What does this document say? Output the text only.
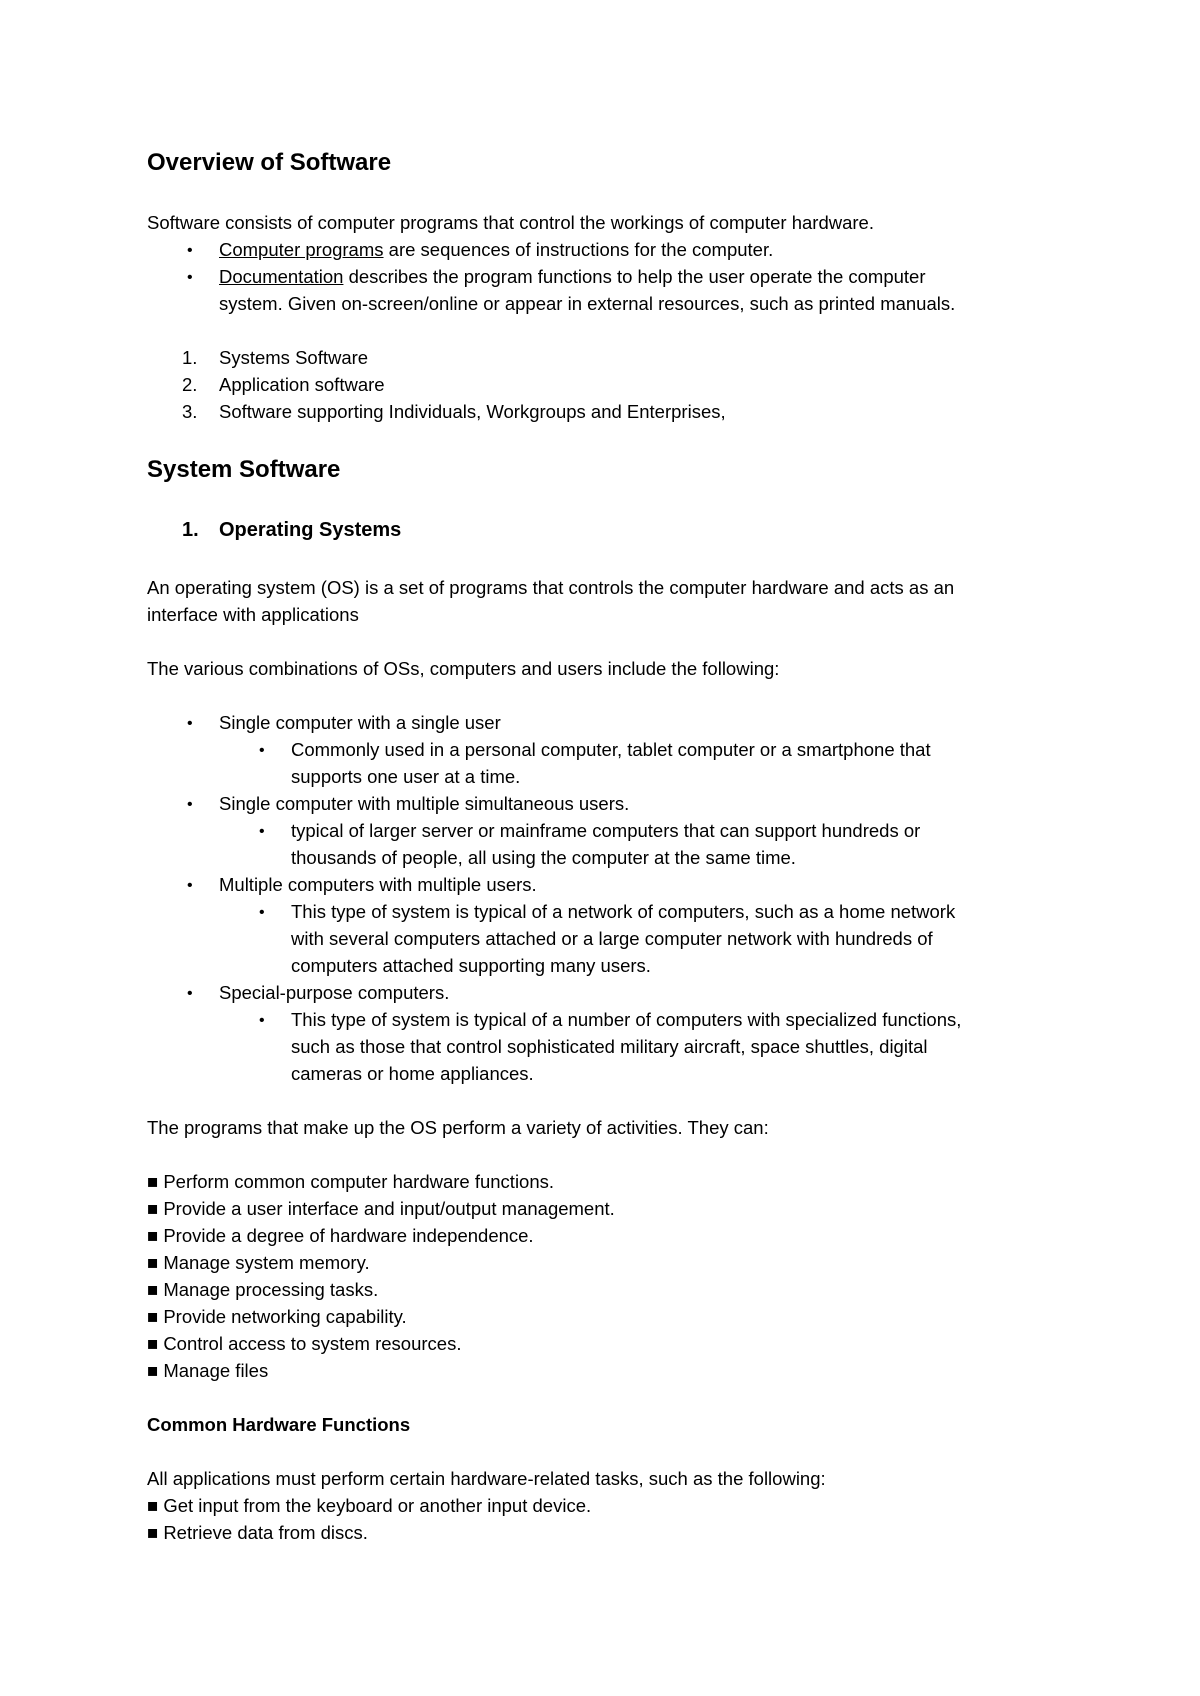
Overview of Software
Software consists of computer programs that control the workings of computer hardware.
• Computer programs are sequences of instructions for the computer.
• Documentation describes the program functions to help the user operate the computer
system. Given on-screen/online or appear in external resources, such as printed manuals.
1. Systems Software
2. Application software
3. Software supporting Individuals, Workgroups and Enterprises,
System Software
1. Operating Systems
An operating system (OS) is a set of programs that controls the computer hardware and acts as an
interface with applications
The various combinations of OSs, computers and users include the following:
• Single computer with a single user
• Commonly used in a personal computer, tablet computer or a smartphone that
supports one user at a time.
• Single computer with multiple simultaneous users.
• typical of larger server or mainframe computers that can support hundreds or
thousands of people, all using the computer at the same time.
• Multiple computers with multiple users.
• This type of system is typical of a network of computers, such as a home network
with several computers attached or a large computer network with hundreds of
computers attached supporting many users.
• Special-purpose computers.
• This type of system is typical of a number of computers with specialized functions,
such as those that control sophisticated military aircraft, space shuttles, digital
cameras or home appliances.
The programs that make up the OS perform a variety of activities. They can:
■ Perform common computer hardware functions.
■ Provide a user interface and input/output management.
■ Provide a degree of hardware independence.
■ Manage system memory.
■ Manage processing tasks.
■ Provide networking capability.
■ Control access to system resources.
■ Manage files
Common Hardware Functions
All applications must perform certain hardware-related tasks, such as the following:
■ Get input from the keyboard or another input device.
■ Retrieve data from discs.
